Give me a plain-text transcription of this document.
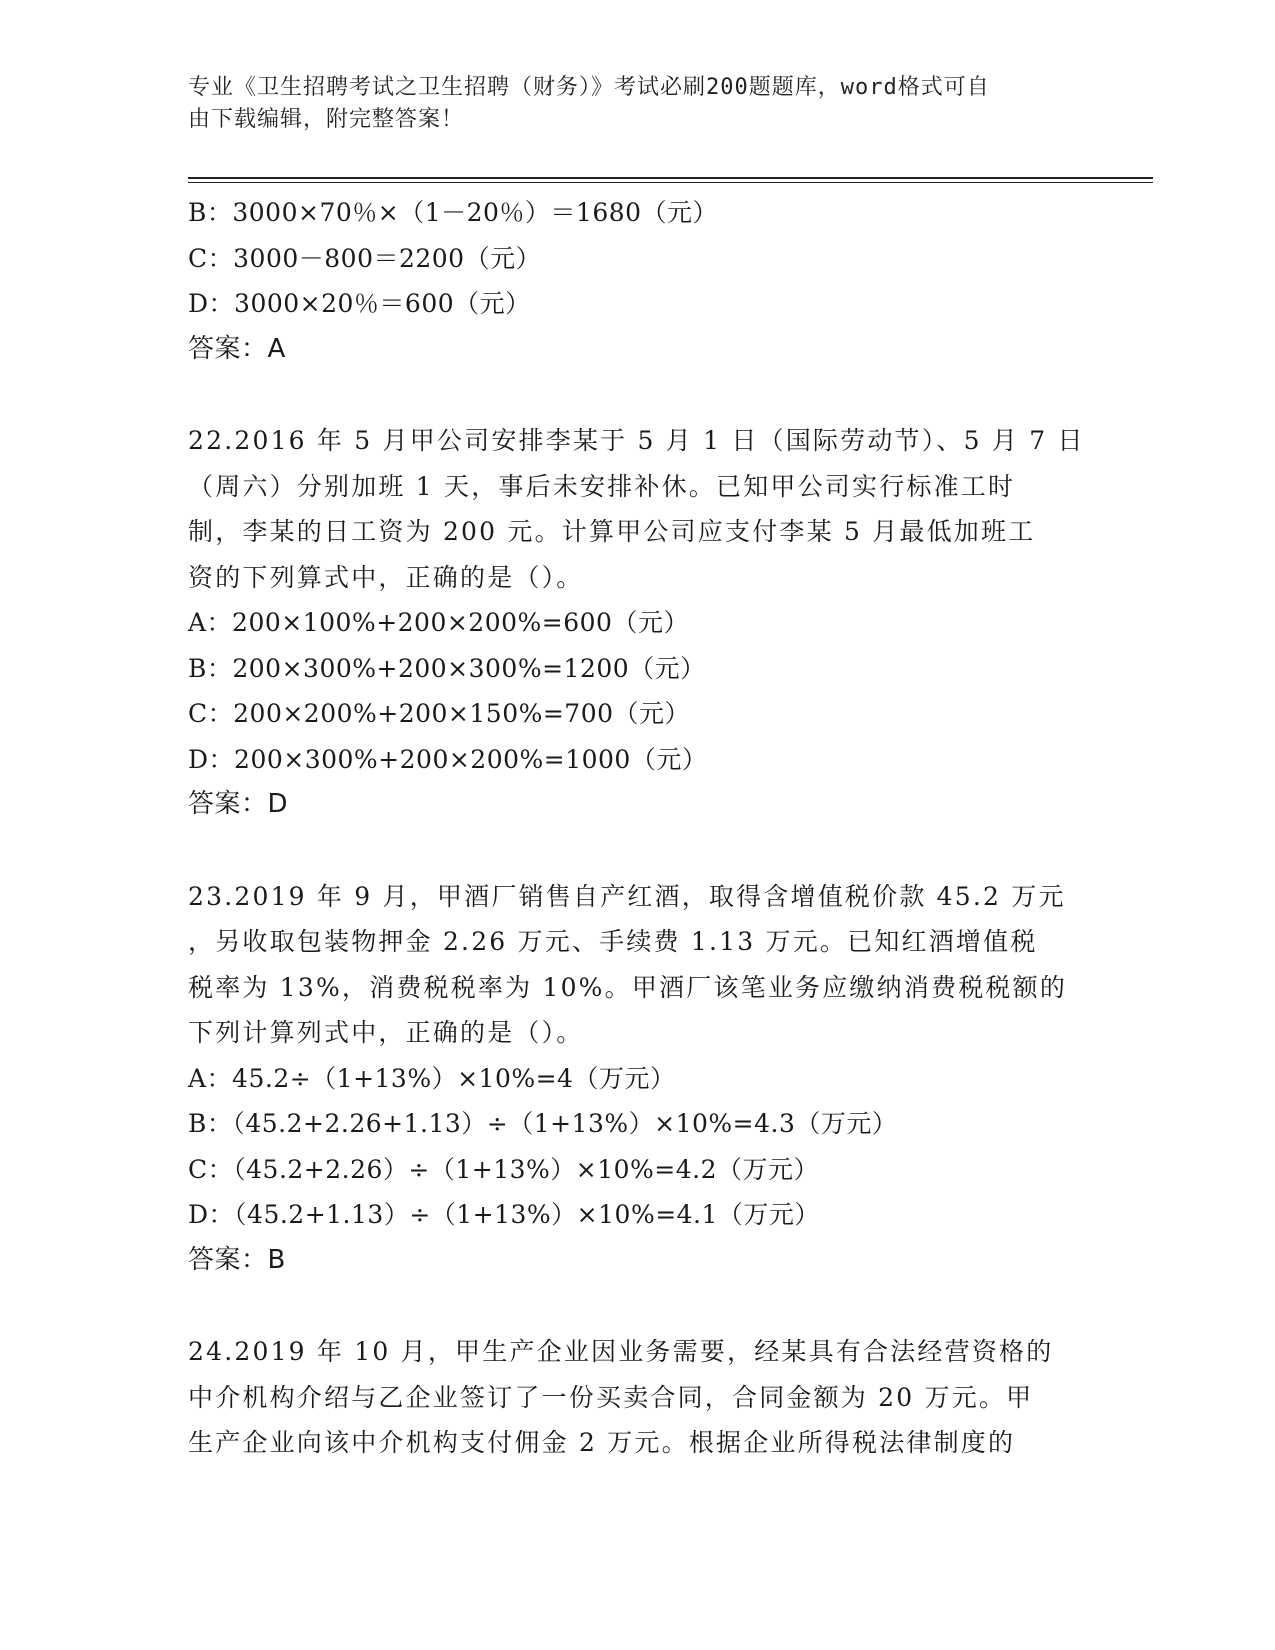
专业《卫生招聘考试之卫生招聘（财务）》考试必刷200题题库，word格式可自
由下载编辑，附完整答案！
B：3000×70％×（1－20％）＝1680（元）
C：3000－800＝2200（元）
D：3000×20％＝600（元）
答案：A
22.2016 年 5 月甲公司安排李某于 5 月 1 日（国际劳动节）、5 月 7 日
（周六）分别加班 1 天，事后未安排补休。已知甲公司实行标准工时
制，李某的日工资为 200 元。计算甲公司应支付李某 5 月最低加班工
资的下列算式中，正确的是（）。
A：200×100%+200×200%=600（元）
B：200×300%+200×300%=1200（元）
C：200×200%+200×150%=700（元）
D：200×300%+200×200%=1000（元）
答案：D
23.2019 年 9 月，甲酒厂销售自产红酒，取得含增值税价款 45.2 万元
，另收取包装物押金 2.26 万元、手续费 1.13 万元。已知红酒增值税
税率为 13%，消费税税率为 10%。甲酒厂该笔业务应缴纳消费税税额的
下列计算列式中，正确的是（）。
A：45.2÷（1+13%）×10%=4（万元）
B：（45.2+2.26+1.13）÷（1+13%）×10%=4.3（万元）
C：（45.2+2.26）÷（1+13%）×10%=4.2（万元）
D：（45.2+1.13）÷（1+13%）×10%=4.1（万元）
答案：B
24.2019 年 10 月，甲生产企业因业务需要，经某具有合法经营资格的
中介机构介绍与乙企业签订了一份买卖合同，合同金额为 20 万元。甲
生产企业向该中介机构支付佣金 2 万元。根据企业所得税法律制度的
